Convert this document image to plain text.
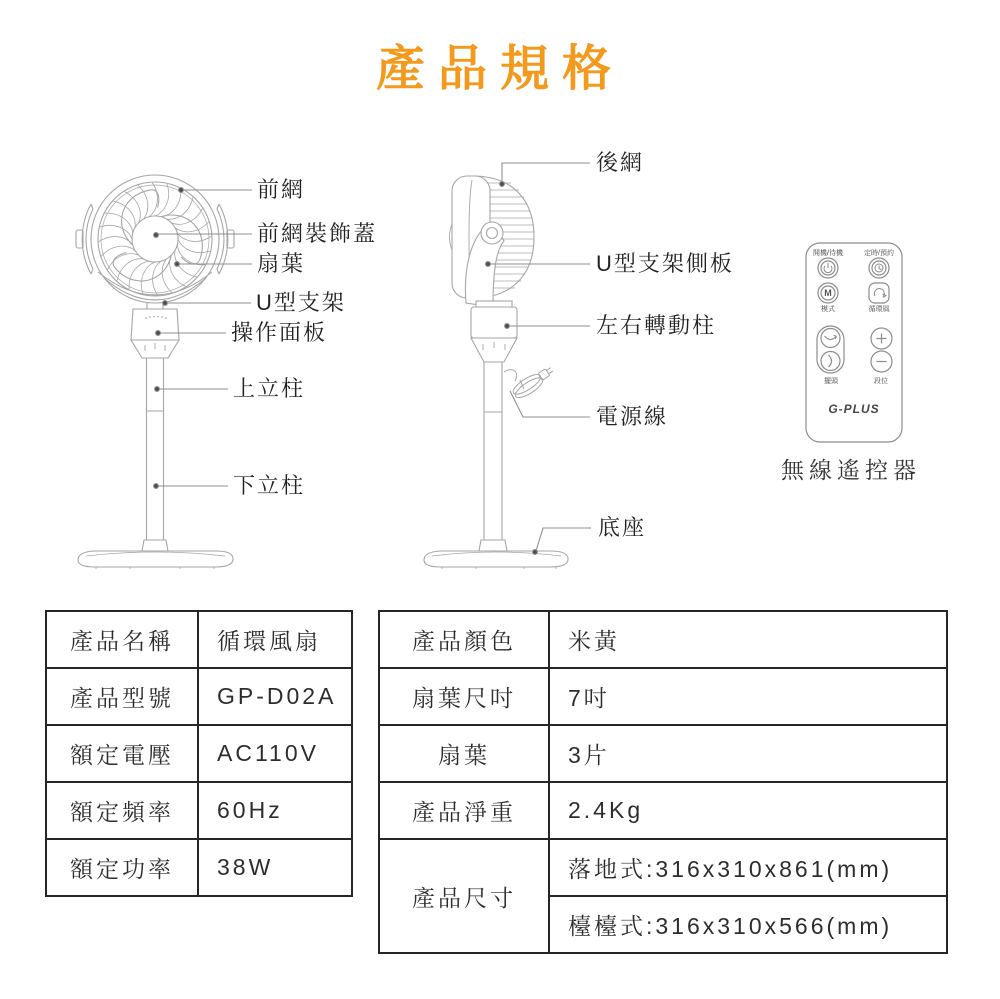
產品規格
前網
前網裝飾蓋
扇葉
U型支架
操作面板
上立柱
下立柱
後網
U型支架側板
左右轉動柱
電源線
底座
開機/待機	定時/預約
模式	循環風
擺頭	段位
M
G-PLUS
無線遙控器
產品名稱	循環風扇
產品型號	GP-D02A
額定電壓	AC110V
額定頻率	60Hz
額定功率	38W
產品顏色	米黃
扇葉尺吋	7吋
扇葉	3片
產品淨重	2.4Kg
產品尺寸	落地式:316x310x861(mm)
	檯檯式:316x310x566(mm)
